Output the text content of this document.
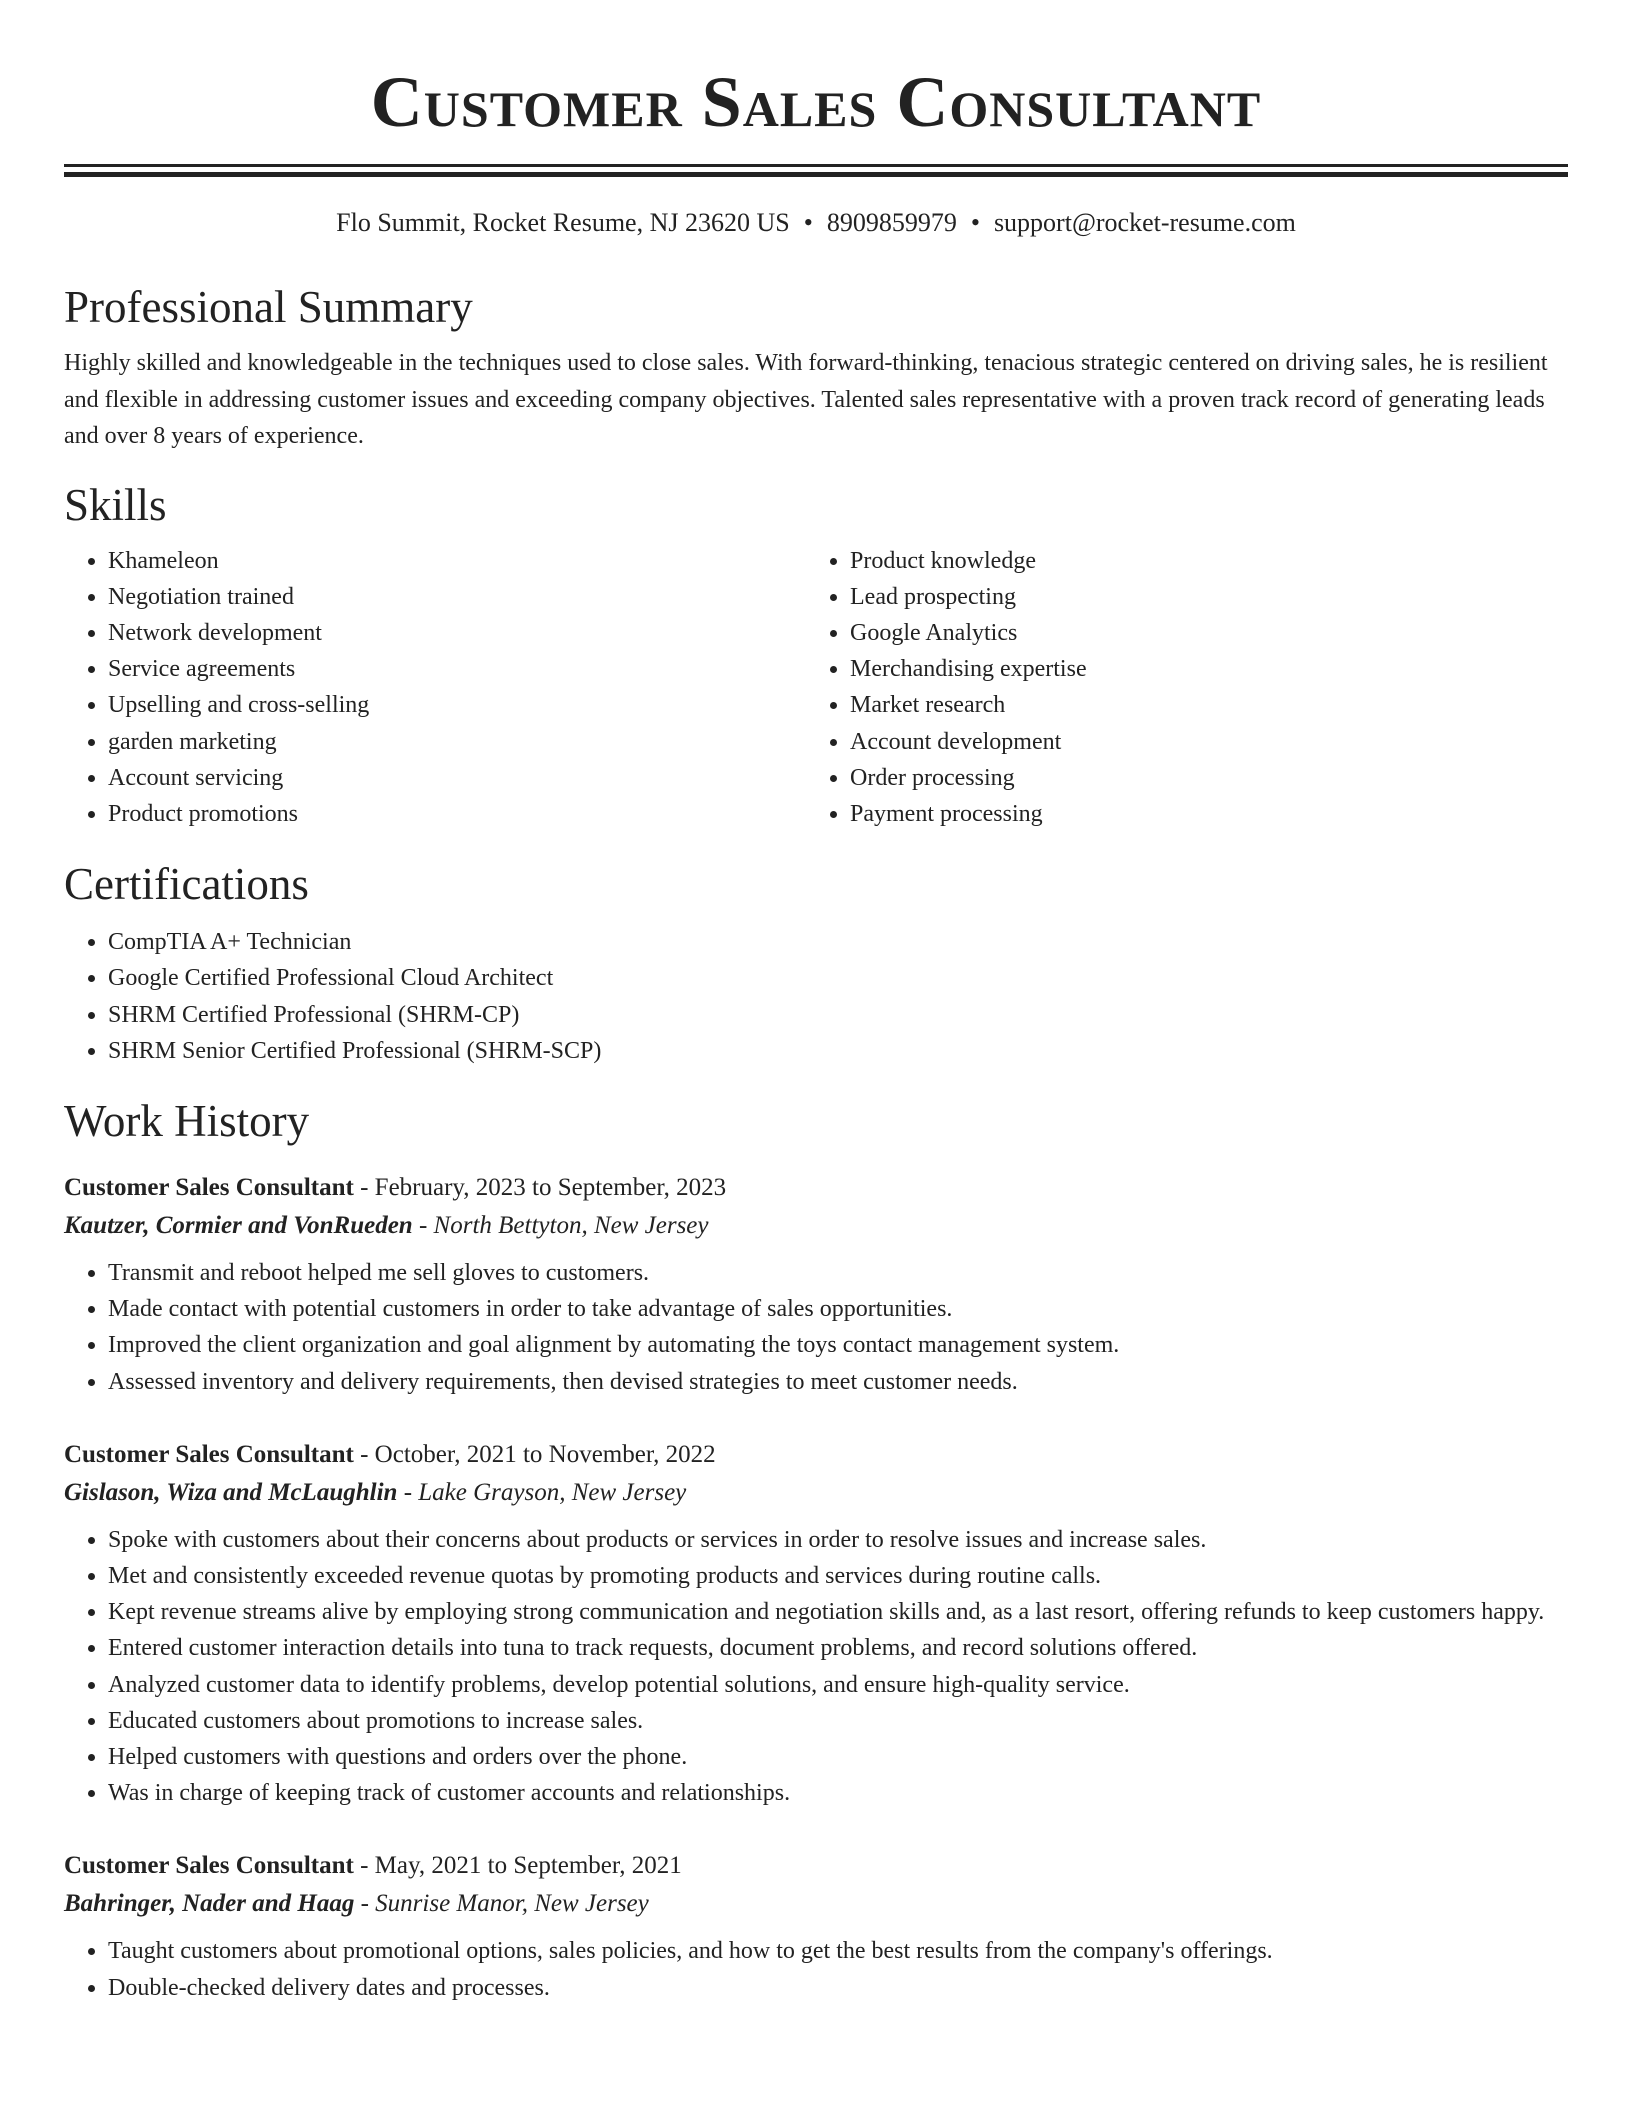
Customer Sales Consultant
Flo Summit, Rocket Resume, NJ 23620 US • 8909859979 • support@rocket-resume.com
Professional Summary

Highly skilled and knowledgeable in the techniques used to close sales. With forward-thinking, tenacious strategic centered on driving sales, he is resilient and flexible in addressing customer issues and exceeding company objectives. Talented sales representative with a proven track record of generating leads and over 8 years of experience.

Skills
• Khameleon
• Negotiation trained
• Network development
• Service agreements
• Upselling and cross-selling
• garden marketing
• Account servicing
• Product promotions
• Product knowledge
• Lead prospecting
• Google Analytics
• Merchandising expertise
• Market research
• Account development
• Order processing
• Payment processing
Certifications
• CompTIA A+ Technician
• Google Certified Professional Cloud Architect
• SHRM Certified Professional (SHRM-CP)
• SHRM Senior Certified Professional (SHRM-SCP)
Work History
Customer Sales Consultant - February, 2023 to September, 2023
Kautzer, Cormier and VonRueden - North Bettyton, New Jersey
• Transmit and reboot helped me sell gloves to customers.
• Made contact with potential customers in order to take advantage of sales opportunities.
• Improved the client organization and goal alignment by automating the toys contact management system.
• Assessed inventory and delivery requirements, then devised strategies to meet customer needs.
Customer Sales Consultant - October, 2021 to November, 2022
Gislason, Wiza and McLaughlin - Lake Grayson, New Jersey
• Spoke with customers about their concerns about products or services in order to resolve issues and increase sales.
• Met and consistently exceeded revenue quotas by promoting products and services during routine calls.
• Kept revenue streams alive by employing strong communication and negotiation skills and, as a last resort, offering refunds to keep customers happy.
• Entered customer interaction details into tuna to track requests, document problems, and record solutions offered.
• Analyzed customer data to identify problems, develop potential solutions, and ensure high-quality service.
• Educated customers about promotions to increase sales.
• Helped customers with questions and orders over the phone.
• Was in charge of keeping track of customer accounts and relationships.
Customer Sales Consultant - May, 2021 to September, 2021
Bahringer, Nader and Haag - Sunrise Manor, New Jersey
• Taught customers about promotional options, sales policies, and how to get the best results from the company's offerings.
• Double-checked delivery dates and processes.
